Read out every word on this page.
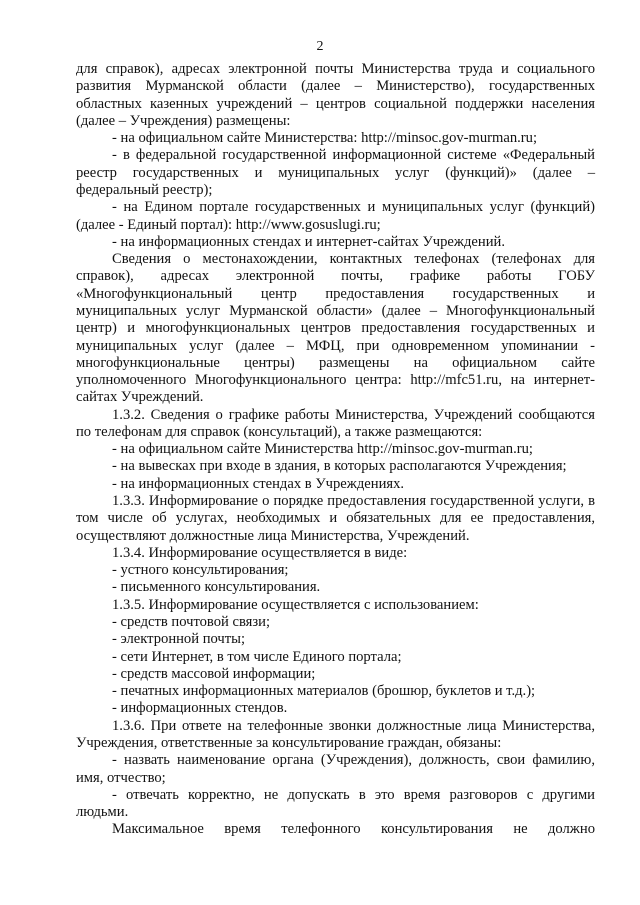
2

для справок), адресах электронной почты Министерства труда и социального развития Мурманской области (далее – Министерство), государственных областных казенных учреждений – центров социальной поддержки населения (далее – Учреждения) размещены:

- на официальном сайте Министерства: http://minsoc.gov-murman.ru;

- в федеральной государственной информационной системе «Федеральный реестр государственных и муниципальных услуг (функций)» (далее – федеральный реестр);

- на Едином портале государственных и муниципальных услуг (функций) (далее - Единый портал): http://www.gosuslugi.ru;

- на информационных стендах и интернет-сайтах Учреждений.

Сведения о местонахождении, контактных телефонах (телефонах для справок), адресах электронной почты, графике работы ГОБУ «Многофункциональный центр предоставления государственных и муниципальных услуг Мурманской области» (далее – Многофункциональный центр) и многофункциональных центров предоставления государственных и муниципальных услуг (далее – МФЦ, при одновременном упоминании - многофункциональные центры) размещены на официальном сайте уполномоченного Многофункционального центра: http://mfc51.ru, на интернет-сайтах Учреждений.

1.3.2. Сведения о графике работы Министерства, Учреждений сообщаются по телефонам для справок (консультаций), а также размещаются:

- на официальном сайте Министерства http://minsoc.gov-murman.ru;

- на вывесках при входе в здания, в которых располагаются Учреждения;

- на информационных стендах в Учреждениях.

1.3.3. Информирование о порядке предоставления государственной услуги, в том числе об услугах, необходимых и обязательных для ее предоставления, осуществляют должностные лица Министерства, Учреждений.

1.3.4. Информирование осуществляется в виде:

- устного консультирования;

- письменного консультирования.

1.3.5. Информирование осуществляется с использованием:

- средств почтовой связи;

- электронной почты;

- сети Интернет, в том числе Единого портала;

- средств массовой информации;

- печатных информационных материалов (брошюр, буклетов и т.д.);

- информационных стендов.

1.3.6. При ответе на телефонные звонки должностные лица Министерства, Учреждения, ответственные за консультирование граждан, обязаны:

- назвать наименование органа (Учреждения), должность, свои фамилию, имя, отчество;

- отвечать корректно, не допускать в это время разговоров с другими людьми.

Максимальное время телефонного консультирования не должно
